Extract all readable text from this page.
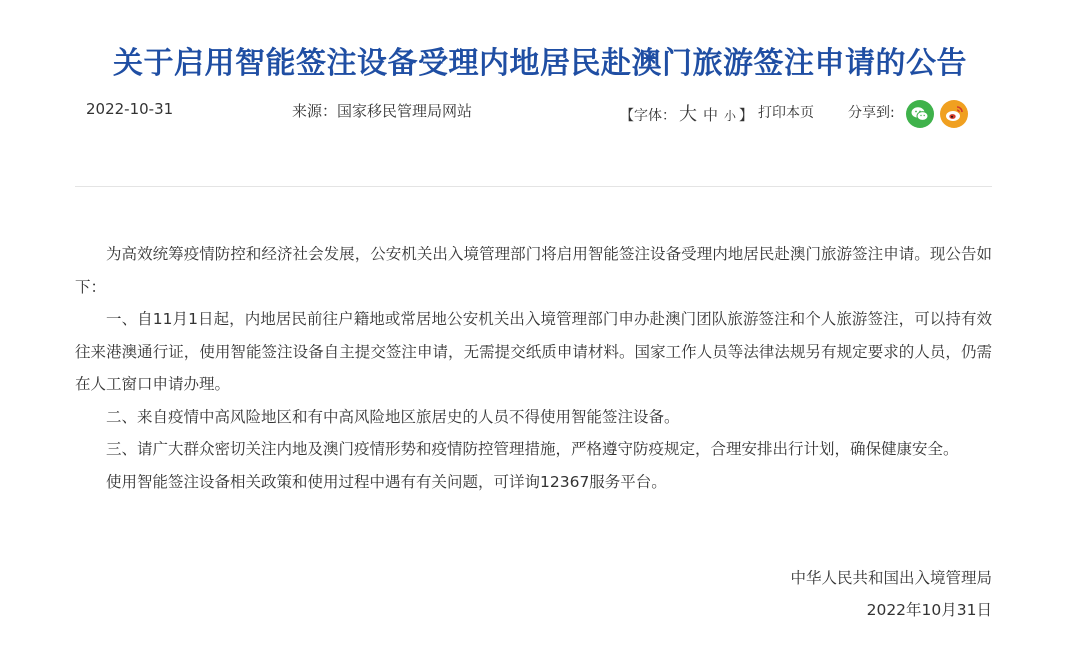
关于启用智能签注设备受理内地居民赴澳门旅游签注申请的公告
2022-10-31	来源：国家移民管理局网站	【字体： 大 中 小 】 打印本页 分享到:

为高效统筹疫情防控和经济社会发展，公安机关出入境管理部门将启用智能签注设备受理内地居民赴澳门旅游签注申请。现公告如下：

一、自11月1日起，内地居民前往户籍地或常居地公安机关出入境管理部门申办赴澳门团队旅游签注和个人旅游签注，可以持有效往来港澳通行证，使用智能签注设备自主提交签注申请，无需提交纸质申请材料。国家工作人员等法律法规另有规定要求的人员，仍需在人工窗口申请办理。

二、来自疫情中高风险地区和有中高风险地区旅居史的人员不得使用智能签注设备。

三、请广大群众密切关注内地及澳门疫情形势和疫情防控管理措施，严格遵守防疫规定，合理安排出行计划，确保健康安全。

使用智能签注设备相关政策和使用过程中遇有有关问题，可详询12367服务平台。

中华人民共和国出入境管理局
2022年10月31日
